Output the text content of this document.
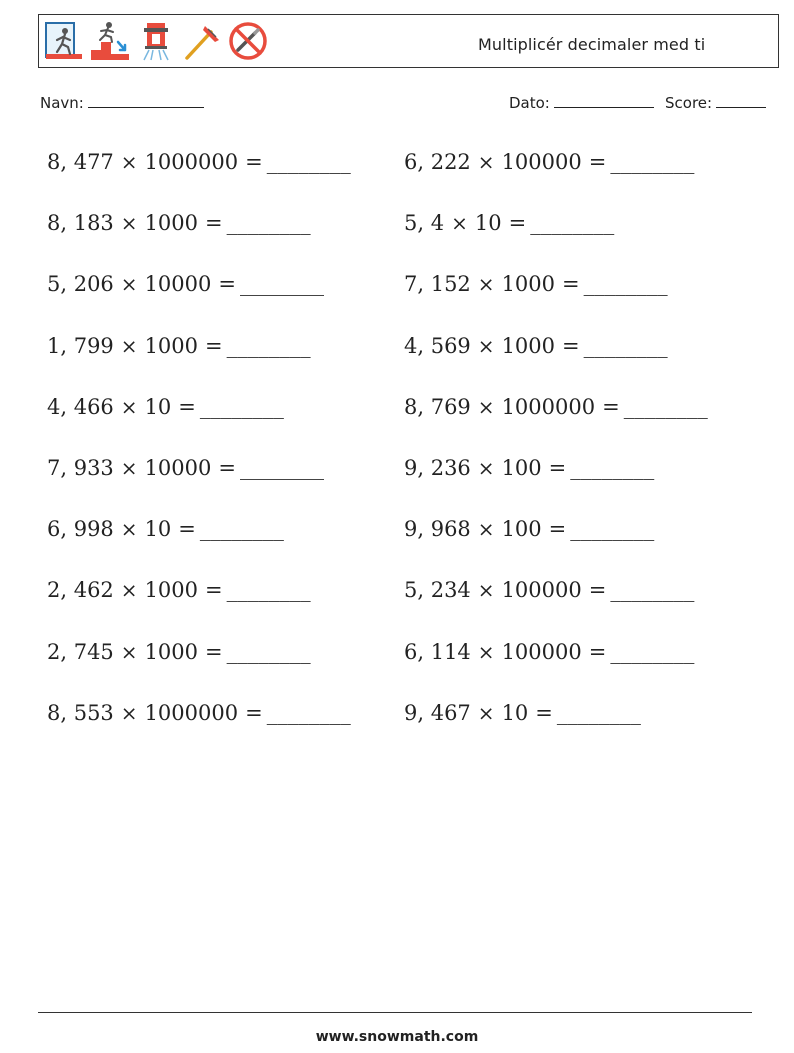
Multiplicér decimaler med ti
Navn:	Dato:	Score:
8, 477 × 1000000 = ________
8, 183 × 1000 = ________
5, 206 × 10000 = ________
1, 799 × 1000 = ________
4, 466 × 10 = ________
7, 933 × 10000 = ________
6, 998 × 10 = ________
2, 462 × 1000 = ________
2, 745 × 1000 = ________
8, 553 × 1000000 = ________
6, 222 × 100000 = ________
5, 4 × 10 = ________
7, 152 × 1000 = ________
4, 569 × 1000 = ________
8, 769 × 1000000 = ________
9, 236 × 100 = ________
9, 968 × 100 = ________
5, 234 × 100000 = ________
6, 114 × 100000 = ________
9, 467 × 10 = ________
www.snowmath.com
